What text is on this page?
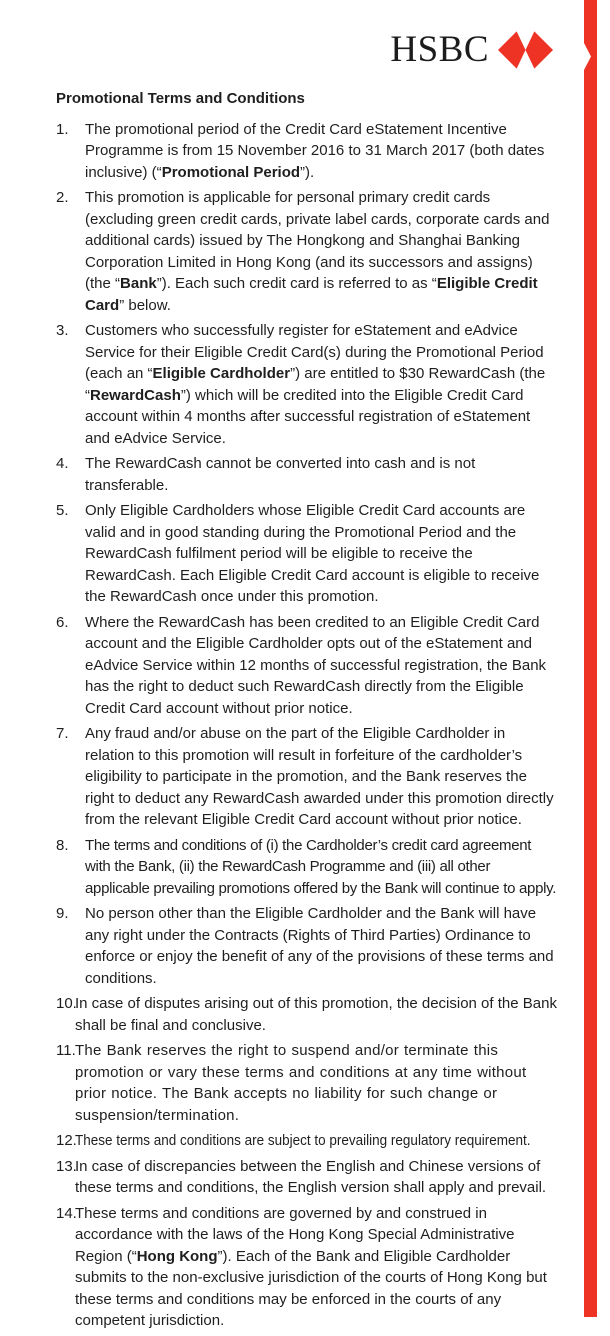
HSBC
Promotional Terms and Conditions
1.	The promotional period of the Credit Card eStatement Incentive Programme is from 15 November 2016 to 31 March 2017 (both dates inclusive) (“Promotional Period”).
2.	This promotion is applicable for personal primary credit cards (excluding green credit cards, private label cards, corporate cards and additional cards) issued by The Hongkong and Shanghai Banking Corporation Limited in Hong Kong (and its successors and assigns) (the “Bank”). Each such credit card is referred to as “Eligible Credit Card” below.
3.	Customers who successfully register for eStatement and eAdvice Service for their Eligible Credit Card(s) during the Promotional Period (each an “Eligible Cardholder”) are entitled to $30 RewardCash (the “RewardCash”) which will be credited into the Eligible Credit Card account within 4 months after successful registration of eStatement and eAdvice Service.
4.	The RewardCash cannot be converted into cash and is not transferable.
5.	Only Eligible Cardholders whose Eligible Credit Card accounts are valid and in good standing during the Promotional Period and the RewardCash fulfilment period will be eligible to receive the RewardCash. Each Eligible Credit Card account is eligible to receive the RewardCash once under this promotion.
6.	Where the RewardCash has been credited to an Eligible Credit Card account and the Eligible Cardholder opts out of the eStatement and eAdvice Service within 12 months of successful registration, the Bank has the right to deduct such RewardCash directly from the Eligible Credit Card account without prior notice.
7.	Any fraud and/or abuse on the part of the Eligible Cardholder in relation to this promotion will result in forfeiture of the cardholder’s eligibility to participate in the promotion, and the Bank reserves the right to deduct any RewardCash awarded under this promotion directly from the relevant Eligible Credit Card account without prior notice.
8.	The terms and conditions of (i) the Cardholder’s credit card agreement with the Bank, (ii) the RewardCash Programme and (iii) all other applicable prevailing promotions offered by the Bank will continue to apply.
9.	No person other than the Eligible Cardholder and the Bank will have any right under the Contracts (Rights of Third Parties) Ordinance to enforce or enjoy the benefit of any of the provisions of these terms and conditions.
10.
In case of disputes arising out of this promotion, the decision of the Bank shall be final and conclusive.
11. The Bank reserves the right to suspend and/or terminate this promotion or vary these terms and conditions at any time without prior notice. The Bank accepts no liability for such change or suspension/termination.
12.
These terms and conditions are subject to prevailing regulatory requirement.
13.
In case of discrepancies between the English and Chinese versions of these terms and conditions, the English version shall apply and prevail.
14.
These terms and conditions are governed by and construed in accordance with the laws of the Hong Kong Special Administrative Region (“Hong Kong”). Each of the Bank and Eligible Cardholder submits to the non-exclusive jurisdiction of the courts of Hong Kong but these terms and conditions may be enforced in the courts of any competent jurisdiction.
